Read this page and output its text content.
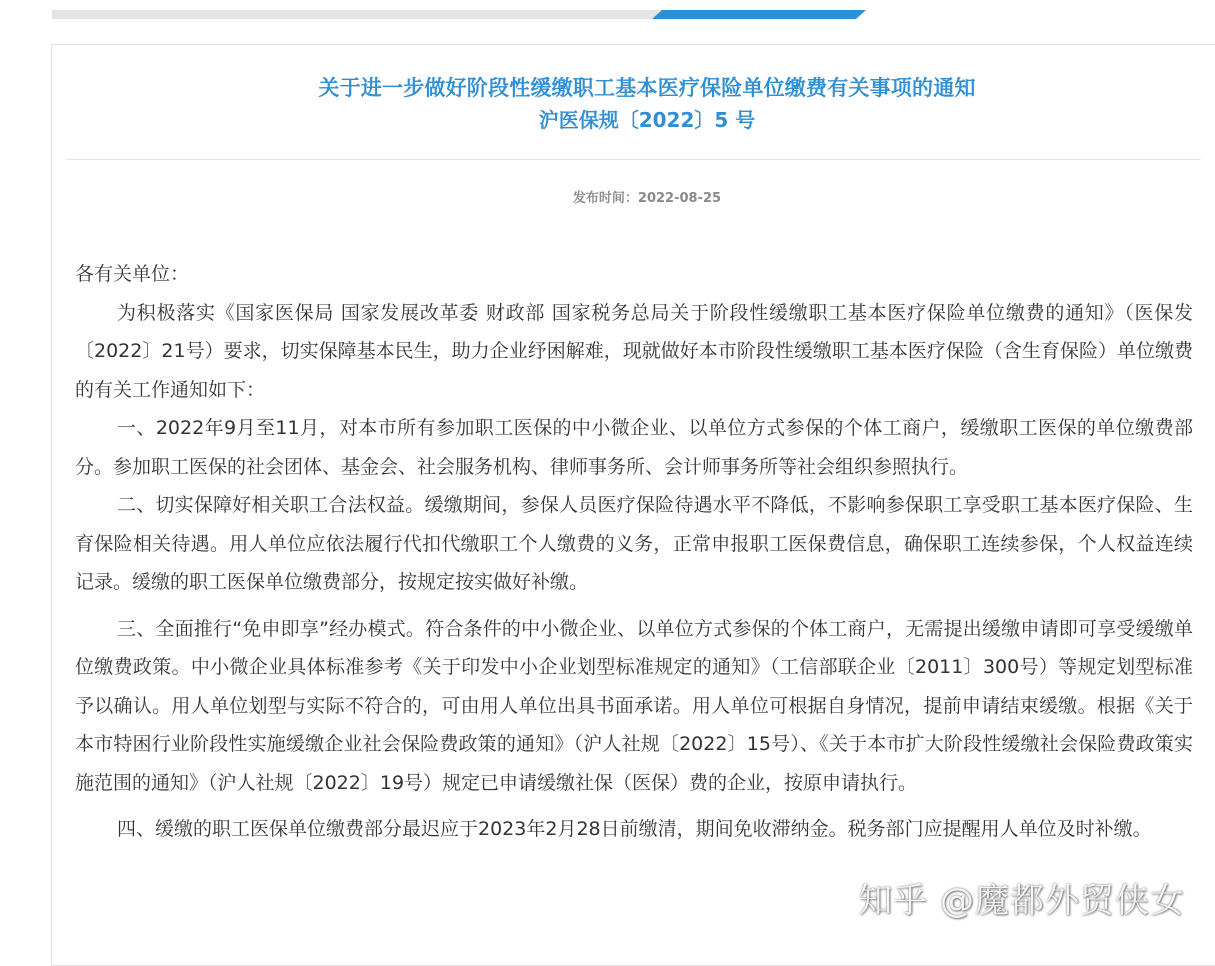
关于进一步做好阶段性缓缴职工基本医疗保险单位缴费有关事项的通知
沪医保规〔2022〕5 号
发布时间：2022-08-25

各有关单位：

为积极落实《国家医保局 国家发展改革委 财政部 国家税务总局关于阶段性缓缴职工基本医疗保险单位缴费的通知》（医保发〔2022〕21号）要求，切实保障基本民生，助力企业纾困解难，现就做好本市阶段性缓缴职工基本医疗保险（含生育保险）单位缴费的有关工作通知如下：

一、2022年9月至11月，对本市所有参加职工医保的中小微企业、以单位方式参保的个体工商户，缓缴职工医保的单位缴费部分。参加职工医保的社会团体、基金会、社会服务机构、律师事务所、会计师事务所等社会组织参照执行。

二、切实保障好相关职工合法权益。缓缴期间，参保人员医疗保险待遇水平不降低，不影响参保职工享受职工基本医疗保险、生育保险相关待遇。用人单位应依法履行代扣代缴职工个人缴费的义务，正常申报职工医保费信息，确保职工连续参保，个人权益连续记录。缓缴的职工医保单位缴费部分，按规定按实做好补缴。

三、全面推行“免申即享”经办模式。符合条件的中小微企业、以单位方式参保的个体工商户，无需提出缓缴申请即可享受缓缴单位缴费政策。中小微企业具体标准参考《关于印发中小企业划型标准规定的通知》（工信部联企业〔2011〕300号）等规定划型标准予以确认。用人单位划型与实际不符合的，可由用人单位出具书面承诺。用人单位可根据自身情况，提前申请结束缓缴。根据《关于本市特困行业阶段性实施缓缴企业社会保险费政策的通知》（沪人社规〔2022〕15号）、《关于本市扩大阶段性缓缴社会保险费政策实施范围的通知》（沪人社规〔2022〕19号）规定已申请缓缴社保（医保）费的企业，按原申请执行。

四、缓缴的职工医保单位缴费部分最迟应于2023年2月28日前缴清，期间免收滞纳金。税务部门应提醒用人单位及时补缴。

知乎 @魔都外贸侠女
